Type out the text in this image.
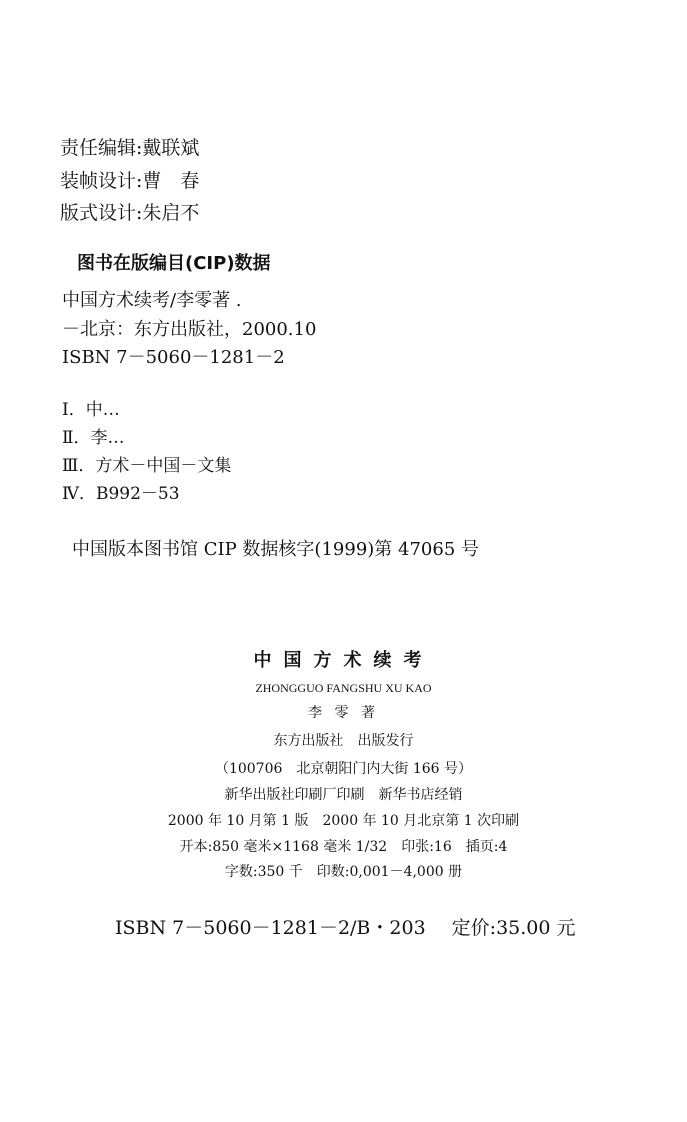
责任编辑:戴联斌
装帧设计:曹　春
版式设计:朱启不
图书在版编目(CIP)数据
中国方术续考/李零著 .
－北京：东方出版社，2000.10
ISBN 7－5060－1281－2
Ⅰ．中…
Ⅱ．李…
Ⅲ．方术－中国－文集
Ⅳ．B992－53
中国版本图书馆 CIP 数据核字(1999)第 47065 号
中国方术续考
ZHONGGUO FANGSHU XU KAO
李 零 著
东方出版社　出版发行
（100706　北京朝阳门内大街 166 号）
新华出版社印刷厂印刷　新华书店经销
2000 年 10 月第 1 版　2000 年 10 月北京第 1 次印刷
开本:850 毫米×1168 毫米 1/32　印张:16　插页:4
字数:350 千　印数:0,001－4,000 册
ISBN 7－5060－1281－2/B・203 定价:35.00 元
